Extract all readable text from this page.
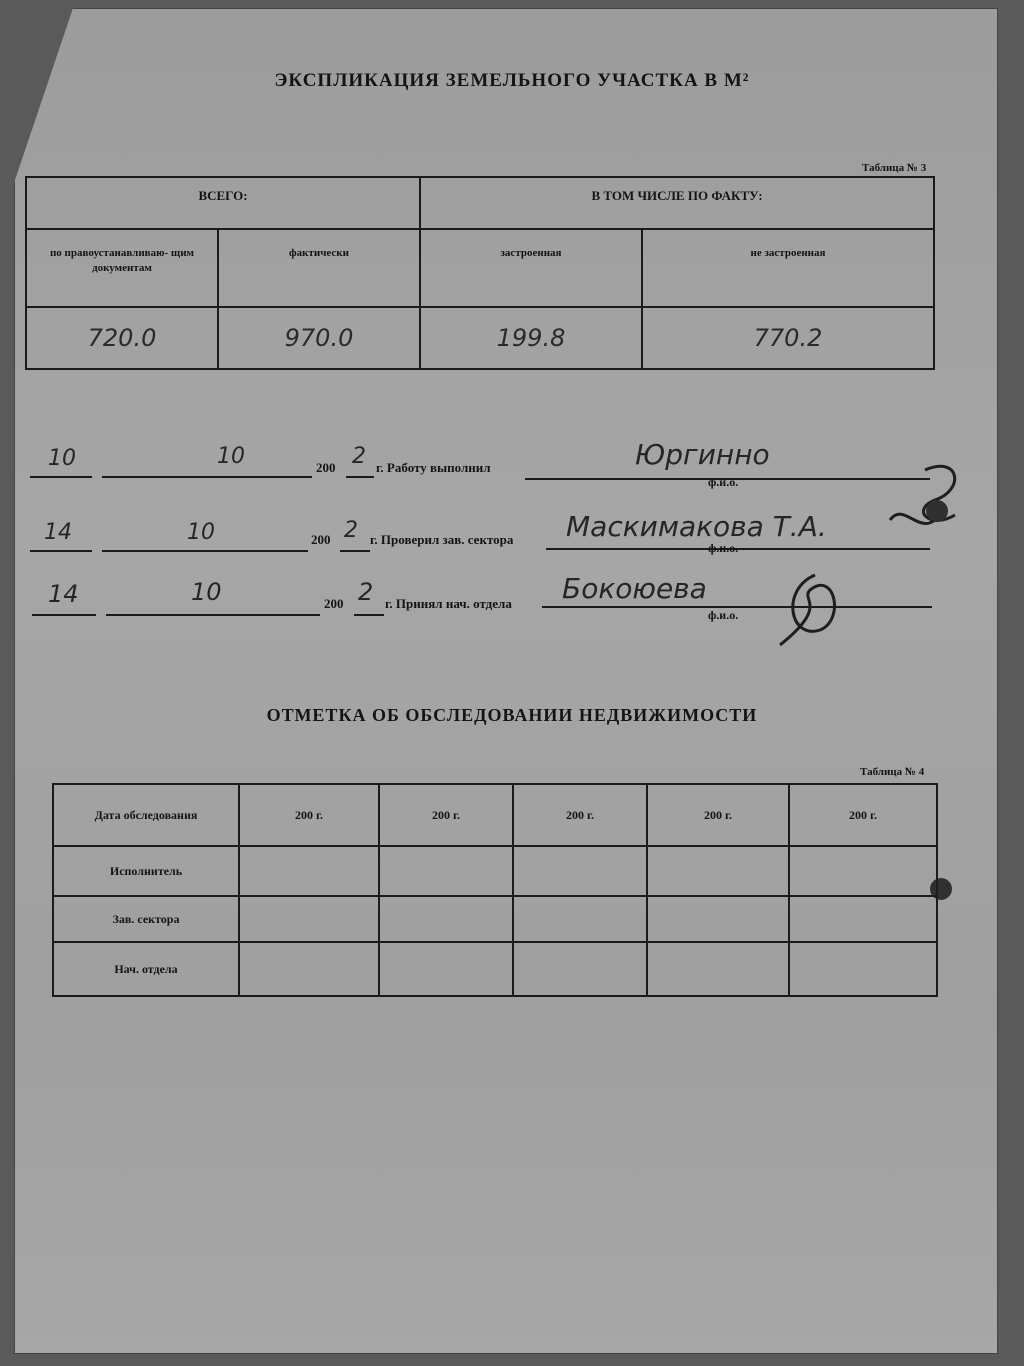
ЭКСПЛИКАЦИЯ ЗЕМЕЛЬНОГО УЧАСТКА В М²
Таблица № 3
ВСЕГО:		В ТОМ ЧИСЛЕ ПО ФАКТУ:	
по правоустанавливаю- щим документам	фактически	застроенная	не застроенная
720.0	970.0	199.8	770.2
10	10	200 2 г. Работу выполнил	Юргинно
ф.и.о.
14	10	200 2 г. Проверил зав. сектора Маскимакова Т.А.
ф.и.о.
14	10	200 2 г. Принял нач. отдела Бокоюева
ф.и.о.
ОТМЕТКА ОБ ОБСЛЕДОВАНИИ НЕДВИЖИМОСТИ
Таблица № 4
Дата обследования	200 г.	200 г.	200 г.	200 г.	200 г.
Исполнитель					
Зав. сектора					
Нач. отдела					
